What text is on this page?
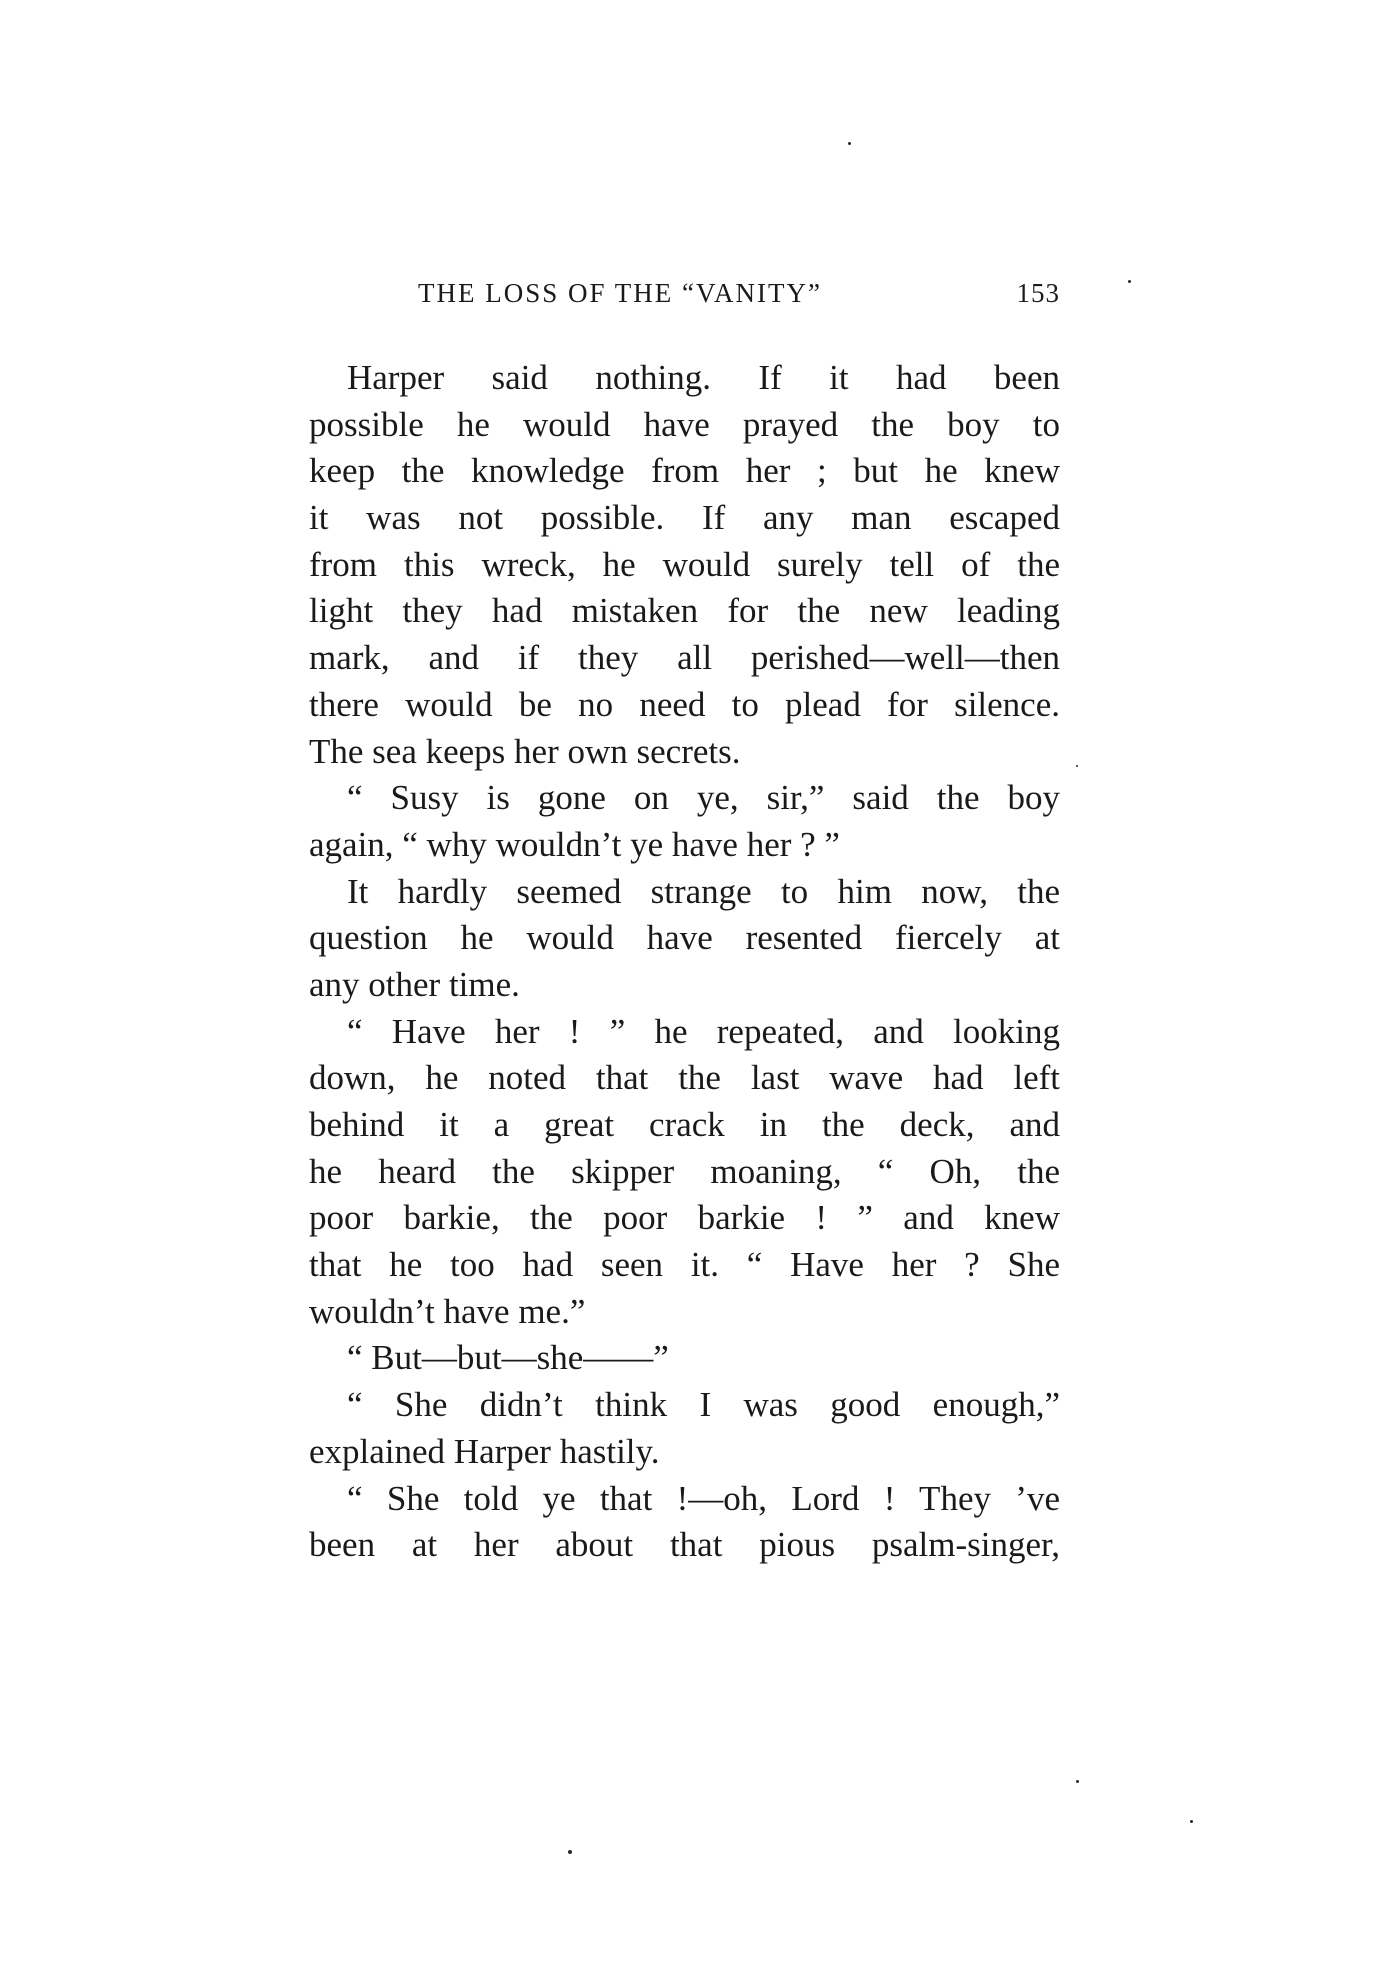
THE LOSS OF THE “VANITY”	153
Harper said nothing. If it had been
possible he would have prayed the boy to
keep the knowledge from her ; but he knew
it was not possible. If any man escaped
from this wreck, he would surely tell of the
light they had mistaken for the new leading
mark, and if they all perished—well—then
there would be no need to plead for silence.
The sea keeps her own secrets.
“ Susy is gone on ye, sir,” said the boy
again, “ why wouldn’t ye have her ? ”
It hardly seemed strange to him now, the
question he would have resented fiercely at
any other time.
“ Have her ! ” he repeated, and looking
down, he noted that the last wave had left
behind it a great crack in the deck, and
he heard the skipper moaning, “ Oh, the
poor barkie, the poor barkie ! ” and knew
that he too had seen it. “ Have her ? She
wouldn’t have me.”
“ But—but—she——”
“ She didn’t think I was good enough,”
explained Harper hastily.
“ She told ye that !—oh, Lord ! They ’ve
been at her about that pious psalm-singer,
